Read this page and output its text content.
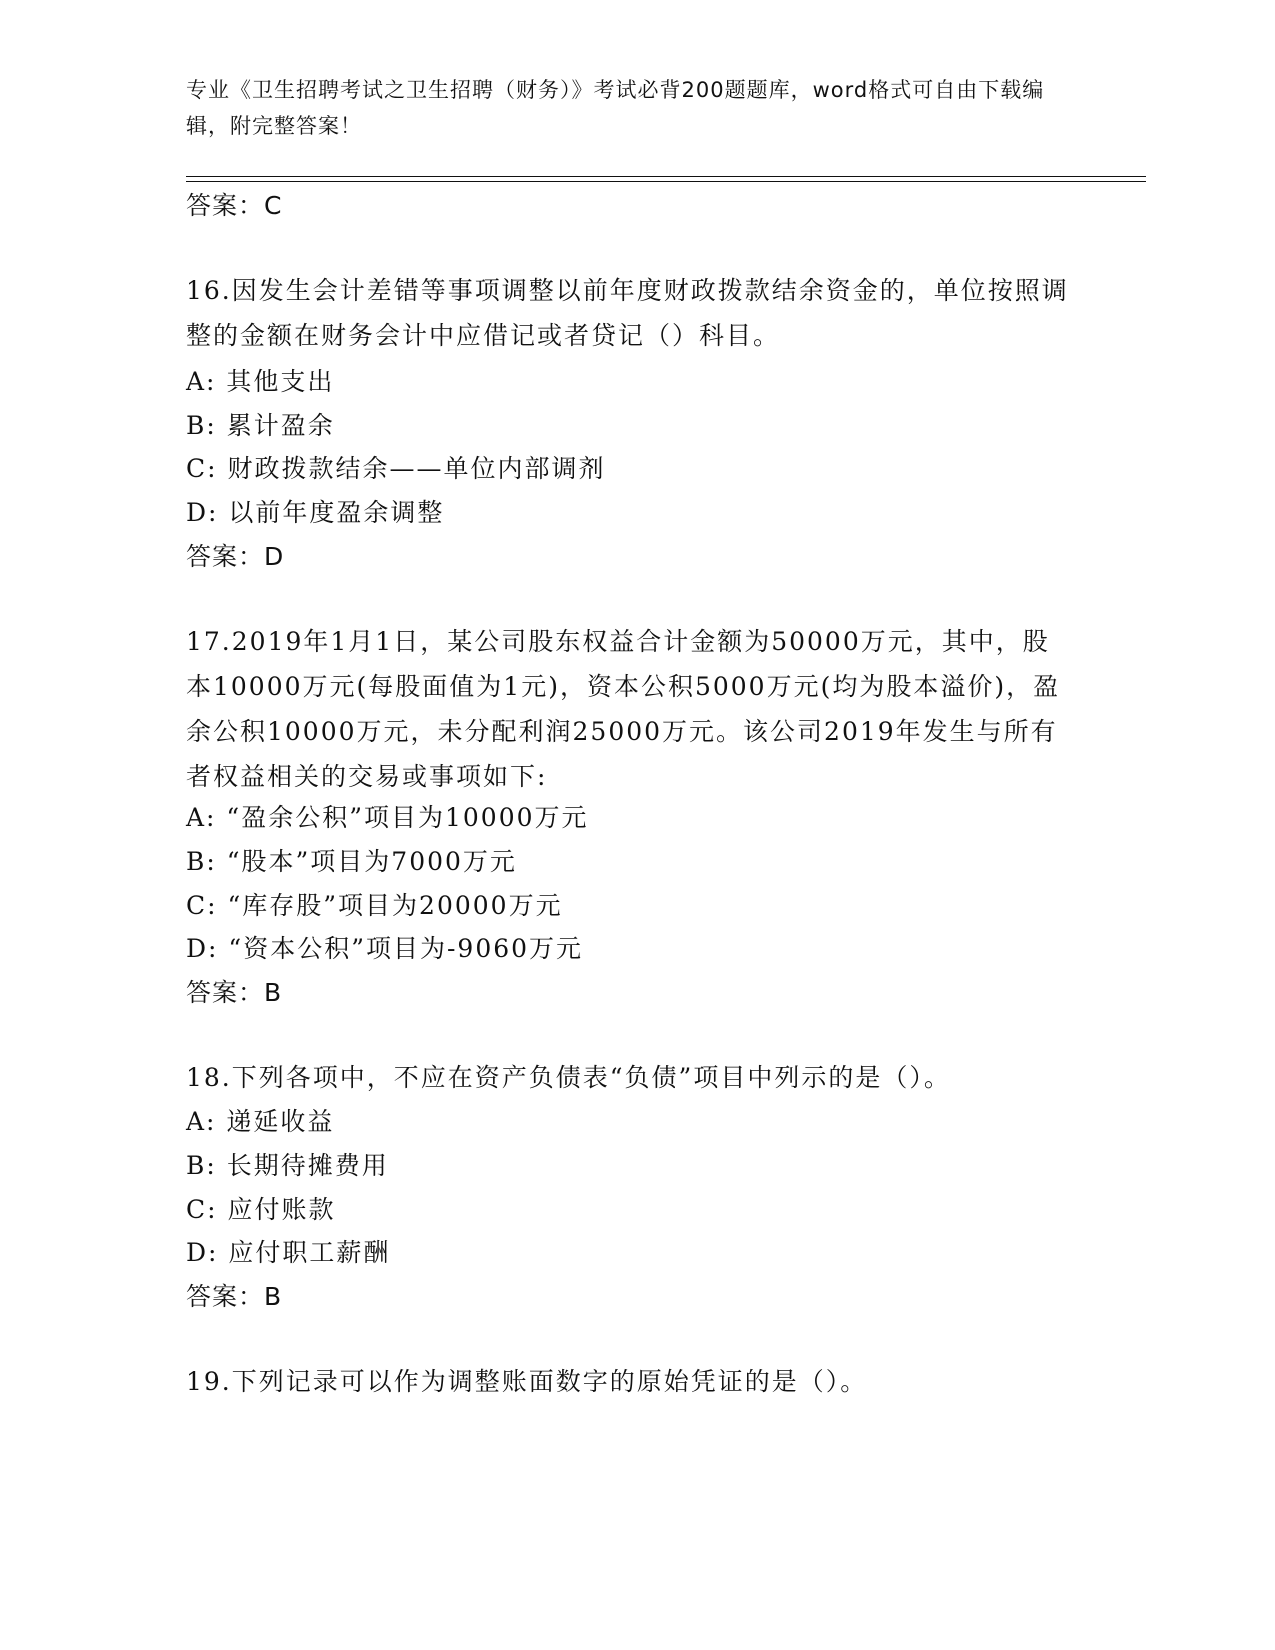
专业《卫生招聘考试之卫生招聘（财务）》考试必背200题题库，word格式可自由下载编辑，附完整答案！
答案：C
16.因发生会计差错等事项调整以前年度财政拨款结余资金的，单位按照调整的金额在财务会计中应借记或者贷记（）科目。
A: 其他支出
B: 累计盈余
C: 财政拨款结余——单位内部调剂
D: 以前年度盈余调整
答案：D
17.2019年1月1日，某公司股东权益合计金额为50000万元，其中，股本10000万元(每股面值为1元)，资本公积5000万元(均为股本溢价)，盈余公积10000万元，未分配利润25000万元。该公司2019年发生与所有者权益相关的交易或事项如下:
A: “盈余公积”项目为10000万元
B: “股本”项目为7000万元
C: “库存股”项目为20000万元
D: “资本公积”项目为-9060万元
答案：B
18.下列各项中，不应在资产负债表“负债”项目中列示的是（）。
A: 递延收益
B: 长期待摊费用
C: 应付账款
D: 应付职工薪酬
答案：B
19.下列记录可以作为调整账面数字的原始凭证的是（）。
